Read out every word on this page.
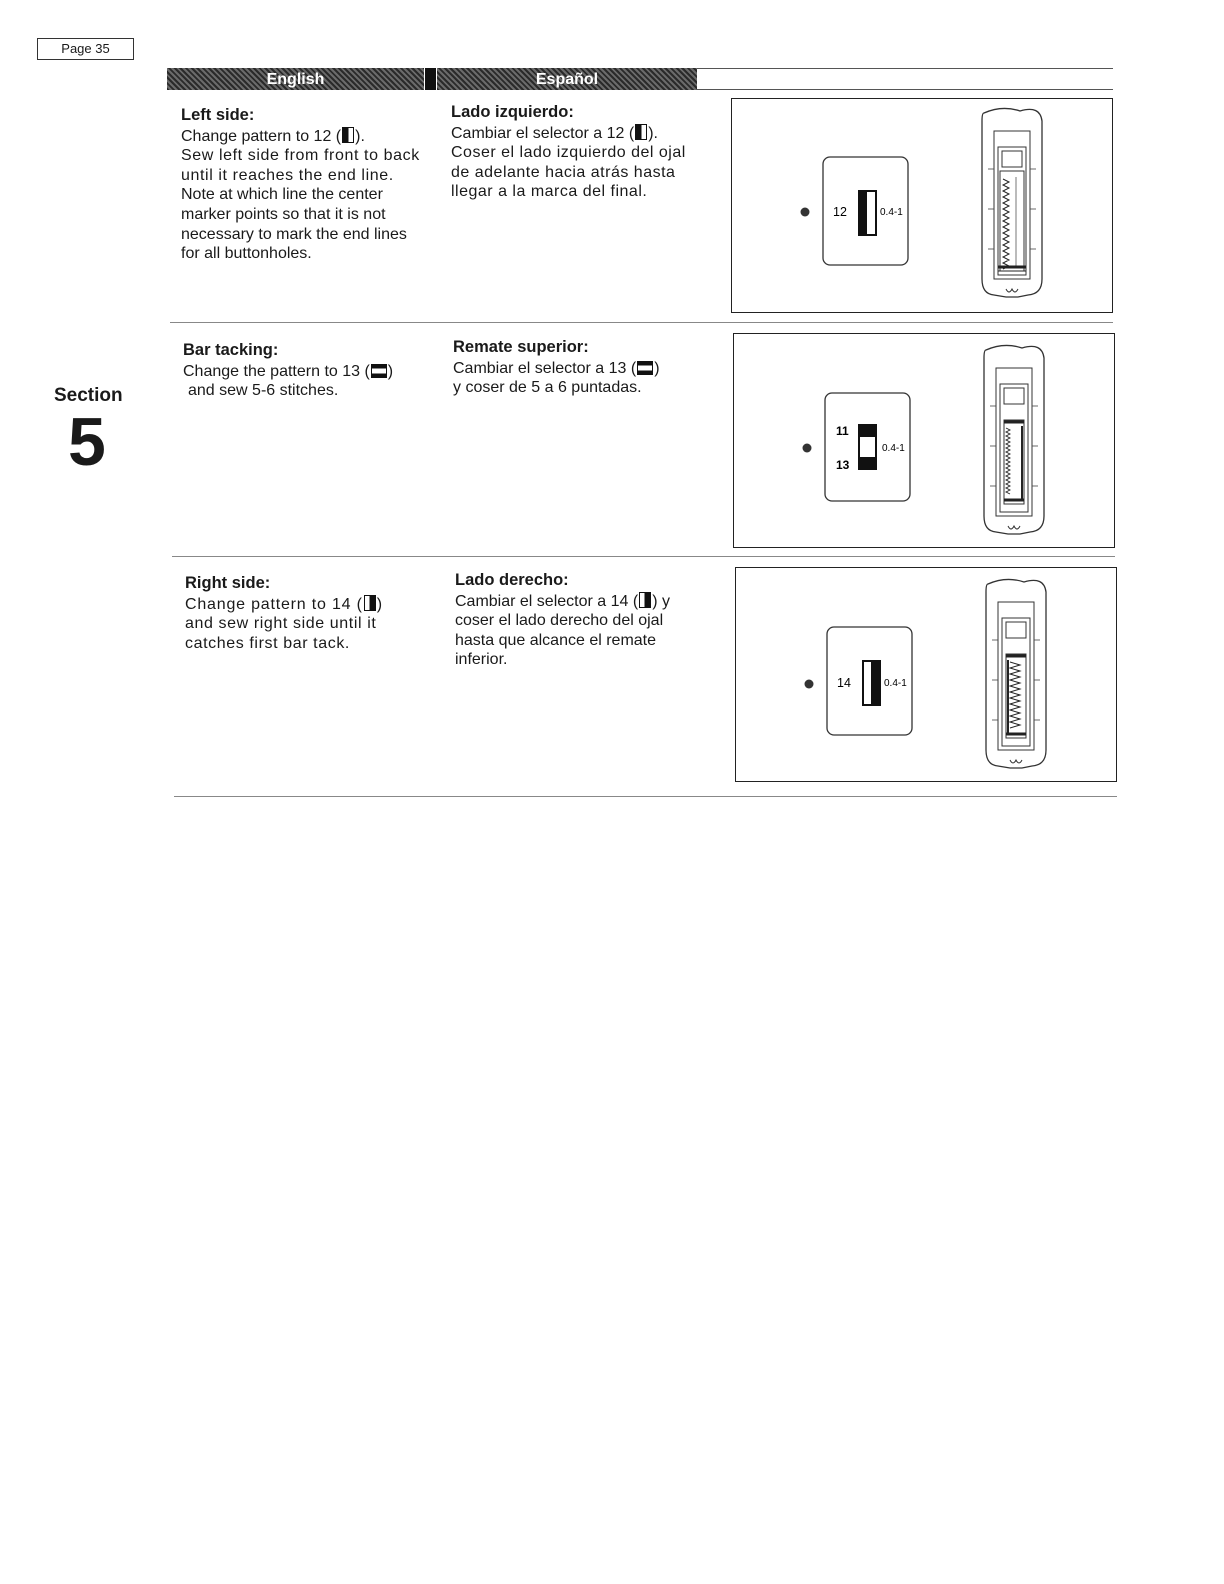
Page 35
Section
5
English	Español
Left side:

Change pattern to 12 ( ).

Sew left side from front to back until it reaches the end line.

Note at which line the center marker points so that it is not necessary to mark the end lines for all buttonholes.

Lado izquierdo:

Cambiar el selector a 12 ( ).

Coser el lado izquierdo del ojal de adelante hacia atrás hasta llegar a la marca del final.

12	0.4-1
Bar tacking:

Change the pattern to 13 ( )

and sew 5-6 stitches.

Remate superior:

Cambiar el selector a 13 ( )

y coser de 5 a 6 puntadas.

11
13
0.4-1
Right side:

Change pattern to 14 ( )

and sew right side until it catches first bar tack.

Lado derecho:

Cambiar el selector a 14 ( ) y

coser el lado derecho del ojal hasta que alcance el remate inferior.

14	0.4-1
